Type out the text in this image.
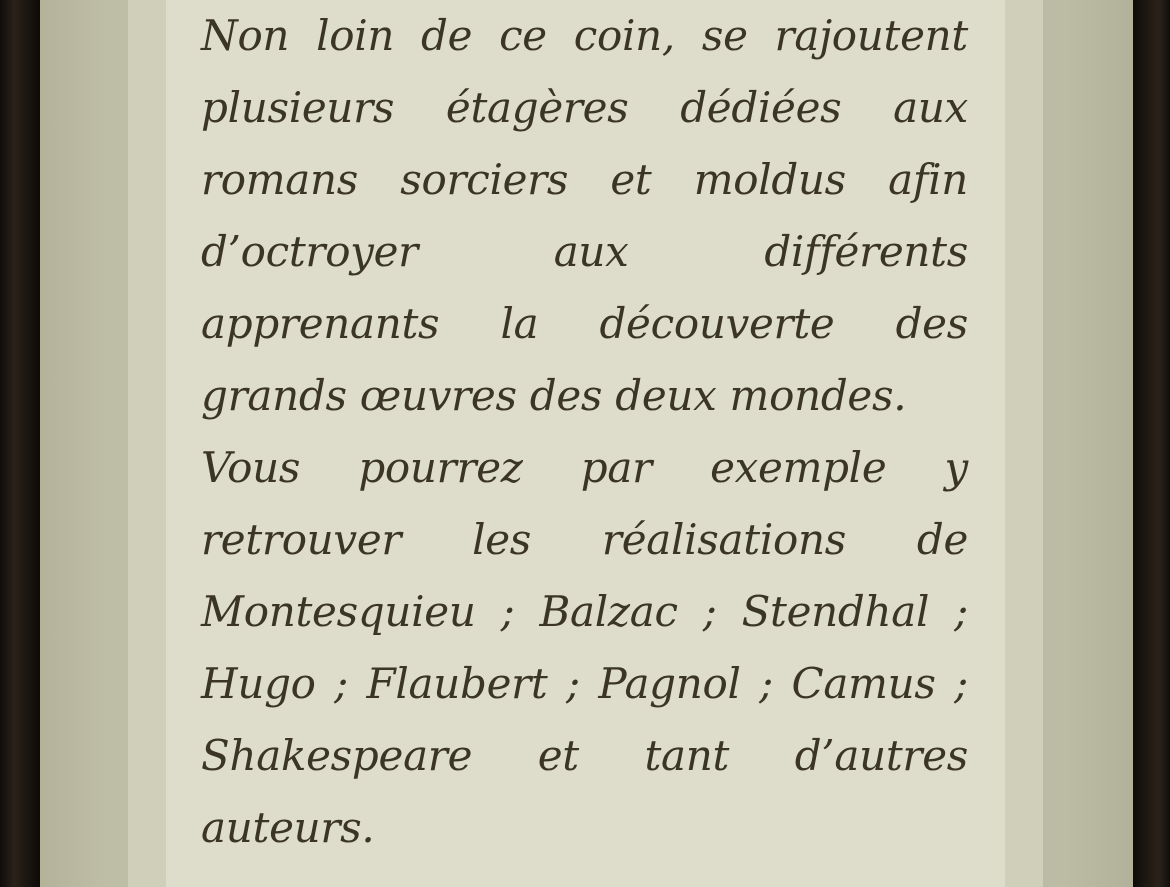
Non loin de ce coin, se rajoutent plusieurs étagères dédiées aux romans sorciers et moldus afin d’octroyer aux différents apprenants la découverte des grands œuvres des deux mondes.

Vous pourrez par exemple y retrouver les réalisations de Montesquieu ; Balzac ; Stendhal ; Hugo ; Flaubert ; Pagnol ; Camus ; Shakespeare et tant d’autres auteurs.
